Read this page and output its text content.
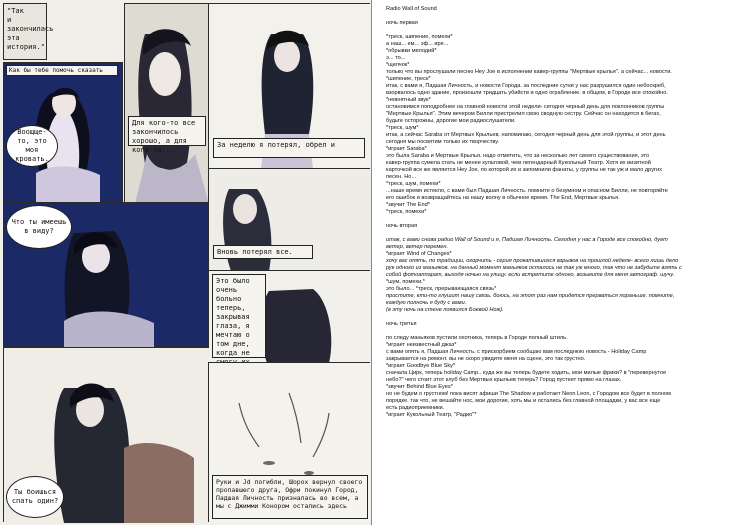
"Так
и закончилась
эта
история."
Как бы тебе помочь сказать
Воощще-то, это моя кровать.
Для кого-то все закончилось хорошо, а для кого-то...
За неделю я потерял, обрел и
Что ты имеешь в виду?
Вновь потерял все.
Это было очень больно теперь, закрывая глаза, я мечтаю о том дне, когда не
Ты боишься спать один?
Руки и Jd погибли, Шорох вернул своего пропавшего друга, Офри покинул Город, Падшая Личность призналась во всем, а мы с Джимми Конором остались здесь
Radio Wall of Sound
ночь первая
*треск, шипение, помехи*
а наш... ем... эф... ире...
*обрывки мелодий*
э... то...
*щелчок*
только что вы прослушали песню Hey Joe в исполнении кавер-группы "Мертвые крылья". а сейчас... новости.
*шипение, треск*
итак, с вами я, Падшая Личность, и новости Города. за последние сутки у нас разрушился один небоскреб,
взорвалось одно здание, произошли тридцать убийств и одно ограбление. в общем, в Городе все спокойно.
*невнятный звук*
остановимся поподробнее на главной новости этой недели- сегодня черный день для поклонников группы
"Мертвые Крылья". Этим вечером Билли пристрелил свою сводную сестру. Сейчас он находится в бегах,
будьте осторожны, дорогие мои радиослушатели.
*треск, шум*
итак, а сейчас Saraba от Мертвых Крыльев. напоминаю, сегодня черный день для этой группы, и этот день
сегодня мы посвятим только их творчеству.
*играет Saraba*
это была Saraba и Мертвые Крылья. надо отметить, что за несколько лет своего существования, это
кавер-группа сумела стать не менее культовой, чем легендарный Кукольный Театр. Хотя их визитной
карточкой все же является Hey Joe, по которой их и запомнили фанаты, у группы не так уж и мало других
песен. Но...
*треск, шум, помехи*
...наше время истекло, с вами был Падшая Личность. помните о безумном и опасном Билли, не повторяйте
его ошибок и возвращайтесь на нашу волну в обычное время. The End, Мертвые крылья.
*звучит The End*
*треск, помехи*
ночь вторая
итак, с вами снова радио Wall of Sound и я, Падшая Личность. Сегодня у нас в Городе все спокойно, дует
ветер, ветер перемен.
*играет Wind of Changes*
хочу вас опять, по традиции, огорчить - серия прокатившихся взрывов на прошлой неделе- всего лишь дело
рук одного из маньяков. на данный момент маньяков осталось не так уж много, так что не забудьте взять с
собой фотоаппарат, выходя ночью на улицу. если встретите одного, возьмите для меня автограф. шучу.
*шум, помехи.*
это было... *треск, прерывающаяся связь*
простите, кто-то глушит нашу связь. боюсь, на этот раз нам придется прерваться пораньше. помните,
каждую полночь я буду с вами.
(в эту ночь на стене появился Боевой Нож).
ночь третья
по следу маньяков пустили охотника, теперь в Городе полный штиль.
*играет неизвестный джаз*
с вами опять я, Падшая Личность. с прискорбием сообщаю вам последнюю новость - Holiday Camp
закрывается на ремонт. вы не скоро увидите меня на сцене, это так грустно.
*играет Goodbye Blue Sky*
сначала Цирк, теперь holiday Camp.. куда же вы теперь будете ходить, мои милые фрики? в "перевернутое
небо?" чего стоит этот клуб без Мертвых крыльев теперь? Город пустеет прямо на глазах.
*звучит Behind Blue Eyes*
но не будем о грустном! пока висят афиши The Shadow и работает Neon Leon, с Городом все будет в полном
порядке. так что, не вешайте нос, мои дорогие, хоть мы и остались без главной площадки, у вас все еще
есть радиоприемники.
*играет Кукольный Театр, "Радио"*
